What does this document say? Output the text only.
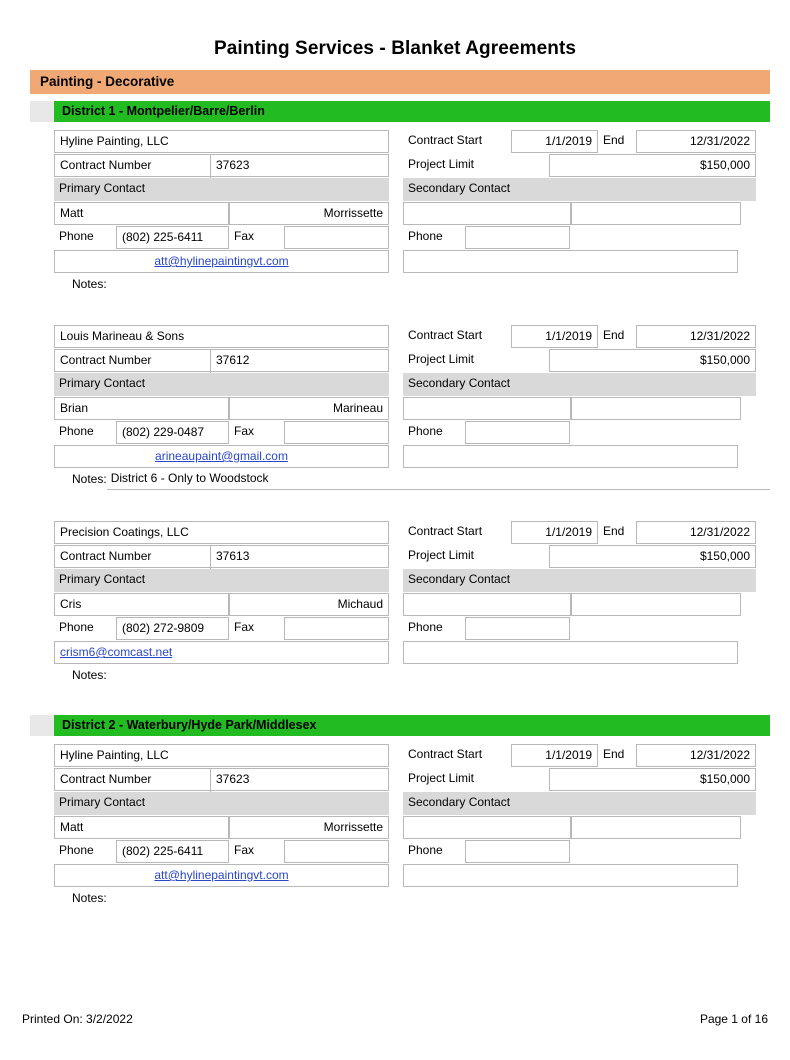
Painting Services - Blanket Agreements
Painting - Decorative
District 1 - Montpelier/Barre/Berlin
Hyline Painting, LLC	Contract Start	1/1/2019 End	12/31/2022
Contract Number	37623	Project Limit	$150,000
Primary Contact	Secondary Contact
Matt	Morrissette
Phone	(802) 225-6411	Fax	Phone
att@hylinepaintingvt.com
Notes:
Louis Marineau & Sons	Contract Start	1/1/2019 End	12/31/2022
Contract Number	37612	Project Limit	$150,000
Primary Contact	Secondary Contact
Brian	Marineau
Phone	(802) 229-0487	Fax	Phone
arineaupaint@gmail.com
Notes: District 6 - Only to Woodstock
Precision Coatings, LLC	Contract Start	1/1/2019 End	12/31/2022
Contract Number	37613	Project Limit	$150,000
Primary Contact	Secondary Contact
Cris	Michaud
Phone	(802) 272-9809	Fax	Phone
crism6@comcast.net
Notes:
District 2 - Waterbury/Hyde Park/Middlesex
Hyline Painting, LLC	Contract Start	1/1/2019 End	12/31/2022
Contract Number	37623	Project Limit	$150,000
Primary Contact	Secondary Contact
Matt	Morrissette
Phone	(802) 225-6411	Fax	Phone
att@hylinepaintingvt.com
Notes:
Printed On: 3/2/2022	Page 1 of 16
